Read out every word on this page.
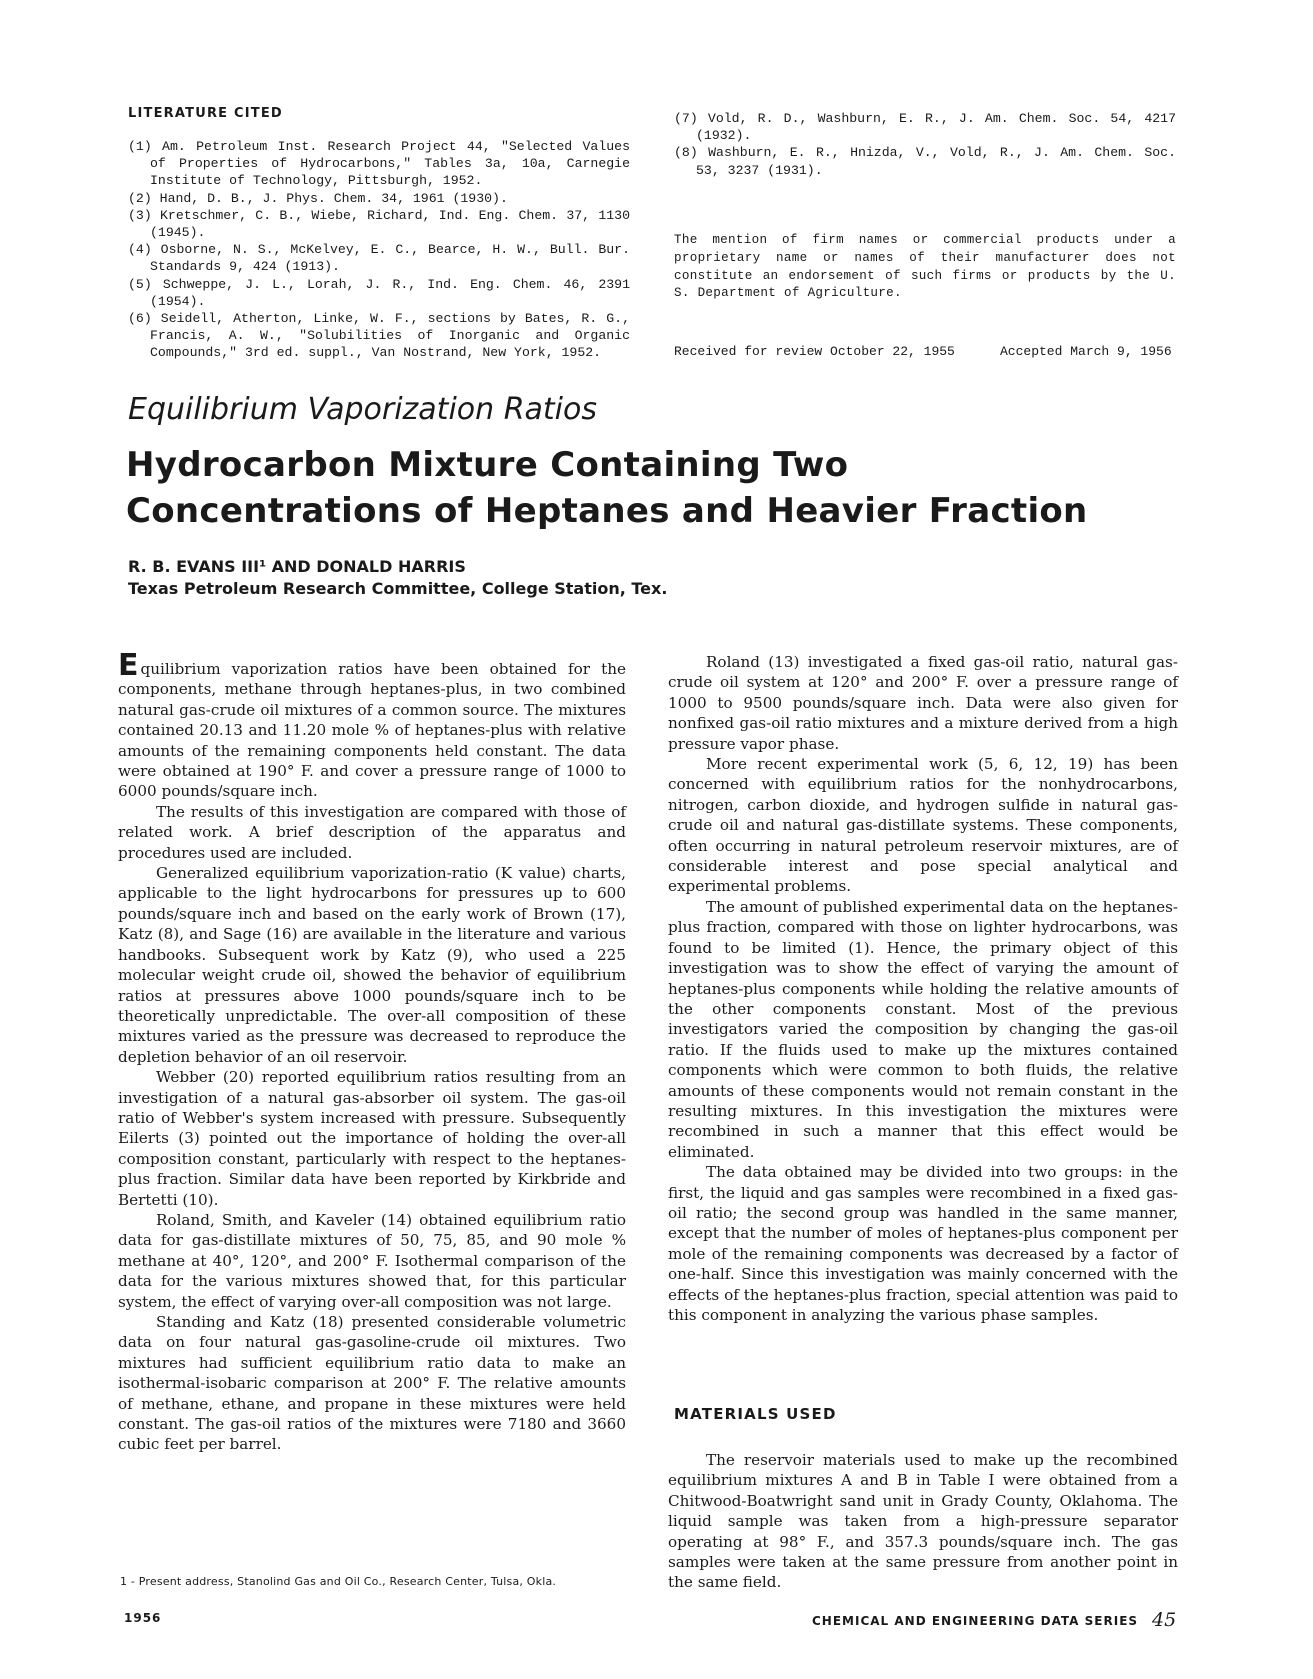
LITERATURE CITED
(1) Am. Petroleum Inst. Research Project 44, "Selected Values of Properties of Hydrocarbons," Tables 3a, 10a, Carnegie Institute of Technology, Pittsburgh, 1952.
(2) Hand, D. B., J. Phys. Chem. 34, 1961 (1930).
(3) Kretschmer, C. B., Wiebe, Richard, Ind. Eng. Chem. 37, 1130 (1945).
(4) Osborne, N. S., McKelvey, E. C., Bearce, H. W., Bull. Bur. Standards 9, 424 (1913).
(5) Schweppe, J. L., Lorah, J. R., Ind. Eng. Chem. 46, 2391 (1954).
(6) Seidell, Atherton, Linke, W. F., sections by Bates, R. G., Francis, A. W., "Solubilities of Inorganic and Organic Compounds," 3rd ed. suppl., Van Nostrand, New York, 1952.
(7) Vold, R. D., Washburn, E. R., J. Am. Chem. Soc. 54, 4217 (1932).
(8) Washburn, E. R., Hnizda, V., Vold, R., J. Am. Chem. Soc. 53, 3237 (1931).
The mention of firm names or commercial products under a proprietary name or names of their manufacturer does not constitute an endorsement of such firms or products by the U. S. Department of Agriculture.
Received for review October 22, 1955	Accepted March 9, 1956
Equilibrium Vaporization Ratios
Hydrocarbon Mixture Containing Two
Concentrations of Heptanes and Heavier Fraction
R. B. EVANS III¹ AND DONALD HARRIS
Texas Petroleum Research Committee, College Station, Tex.

Equilibrium vaporization ratios have been obtained for the components, methane through heptanes-plus, in two combined natural gas-crude oil mixtures of a common source. The mixtures contained 20.13 and 11.20 mole % of heptanes-plus with relative amounts of the remaining components held constant. The data were obtained at 190° F. and cover a pressure range of 1000 to 6000 pounds/square inch.

The results of this investigation are compared with those of related work. A brief description of the apparatus and procedures used are included.

Generalized equilibrium vaporization-ratio (K value) charts, applicable to the light hydrocarbons for pressures up to 600 pounds/square inch and based on the early work of Brown (17), Katz (8), and Sage (16) are available in the literature and various handbooks. Subsequent work by Katz (9), who used a 225 molecular weight crude oil, showed the behavior of equilibrium ratios at pressures above 1000 pounds/square inch to be theoretically unpredictable. The over-all composition of these mixtures varied as the pressure was decreased to reproduce the depletion behavior of an oil reservoir.

Webber (20) reported equilibrium ratios resulting from an investigation of a natural gas-absorber oil system. The gas-oil ratio of Webber's system increased with pressure. Subsequently Eilerts (3) pointed out the importance of holding the over-all composition constant, particularly with respect to the heptanes-plus fraction. Similar data have been reported by Kirkbride and Bertetti (10).

Roland, Smith, and Kaveler (14) obtained equilibrium ratio data for gas-distillate mixtures of 50, 75, 85, and 90 mole % methane at 40°, 120°, and 200° F. Isothermal comparison of the data for the various mixtures showed that, for this particular system, the effect of varying over-all composition was not large.

Standing and Katz (18) presented considerable volumetric data on four natural gas-gasoline-crude oil mixtures. Two mixtures had sufficient equilibrium ratio data to make an isothermal-isobaric comparison at 200° F. The relative amounts of methane, ethane, and propane in these mixtures were held constant. The gas-oil ratios of the mixtures were 7180 and 3660 cubic feet per barrel.

1 - Present address, Stanolind Gas and Oil Co., Research Center, Tulsa, Okla.

Roland (13) investigated a fixed gas-oil ratio, natural gas-crude oil system at 120° and 200° F. over a pressure range of 1000 to 9500 pounds/square inch. Data were also given for nonfixed gas-oil ratio mixtures and a mixture derived from a high pressure vapor phase.

More recent experimental work (5, 6, 12, 19) has been concerned with equilibrium ratios for the nonhydrocarbons, nitrogen, carbon dioxide, and hydrogen sulfide in natural gas-crude oil and natural gas-distillate systems. These components, often occurring in natural petroleum reservoir mixtures, are of considerable interest and pose special analytical and experimental problems.

The amount of published experimental data on the heptanes-plus fraction, compared with those on lighter hydrocarbons, was found to be limited (1). Hence, the primary object of this investigation was to show the effect of varying the amount of heptanes-plus components while holding the relative amounts of the other components constant. Most of the previous investigators varied the composition by changing the gas-oil ratio. If the fluids used to make up the mixtures contained components which were common to both fluids, the relative amounts of these components would not remain constant in the resulting mixtures. In this investigation the mixtures were recombined in such a manner that this effect would be eliminated.

The data obtained may be divided into two groups: in the first, the liquid and gas samples were recombined in a fixed gas-oil ratio; the second group was handled in the same manner, except that the number of moles of heptanes-plus component per mole of the remaining components was decreased by a factor of one-half. Since this investigation was mainly concerned with the effects of the heptanes-plus fraction, special attention was paid to this component in analyzing the various phase samples.

MATERIALS USED

The reservoir materials used to make up the recombined equilibrium mixtures A and B in Table I were obtained from a Chitwood-Boatwright sand unit in Grady County, Oklahoma. The liquid sample was taken from a high-pressure separator operating at 98° F., and 357.3 pounds/square inch. The gas samples were taken at the same pressure from another point in the same field.

1956	CHEMICAL AND ENGINEERING DATA SERIES 45
